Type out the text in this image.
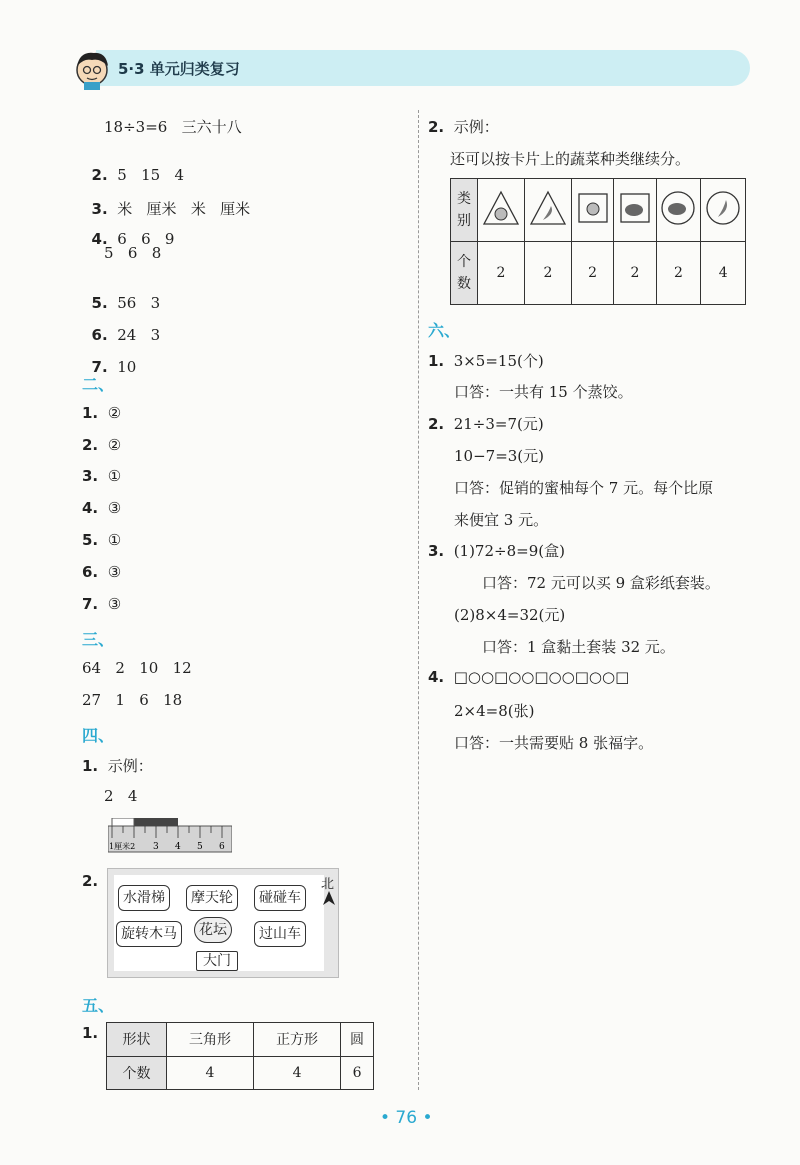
5·3 单元归类复习
18÷3=6   三六十八

2. 5   15   4

3. 米   厘米   米   厘米

4. 6   6   9
5   6   8

5. 56   3

6. 24   3

7. 10
二、
1. ②
2. ②
3. ①
4. ③
5. ①
6. ③
7. ③
三、
64   2   10   12
27   1   6   18
四、
1. 示例：
2   4
1厘米2 3 4 5 6
2.
水滑梯	摩天轮	碰碰车
旋转木马	花坛	过山车
大门
北
五、
1. 形状	三角形	正方形	圆
个数	4	4	6
2. 示例：
还可以按卡片上的蔬菜种类继续分。
类
别						
个
数	2	2	2	2	2	4
六、
1. 3×5=15(个)
口答：一共有 15 个蒸饺。
2. 21÷3=7(元)
10−7=3(元)
口答：促销的蜜柚每个 7 元。每个比原
来便宜 3 元。
3. (1)72÷8=9(盒)
口答：72 元可以买 9 盒彩纸套装。
(2)8×4=32(元)
口答：1 盒黏土套装 32 元。
4. □○○□○○□○○□○○□
2×4=8(张)
口答：一共需要贴 8 张福字。
• 76 •
